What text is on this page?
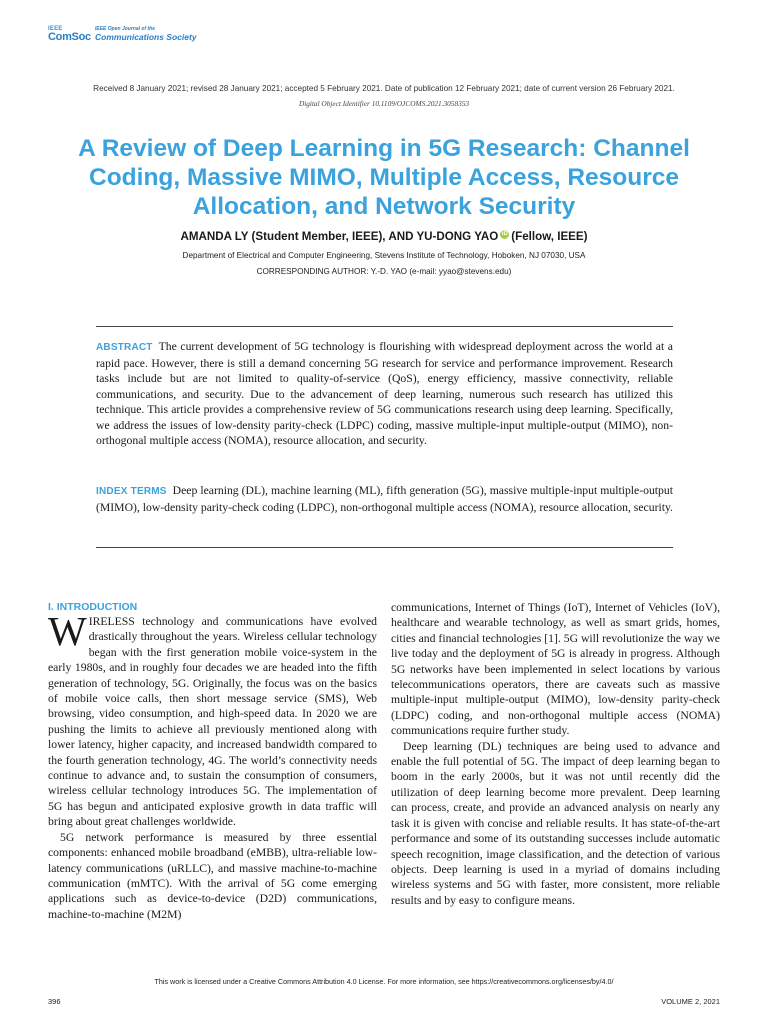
IEEE
ComSoc
IEEE Open Journal of the
Communications Society
Received 8 January 2021; revised 28 January 2021; accepted 5 February 2021. Date of publication 12 February 2021; date of current version 26 February 2021.
Digital Object Identifier 10.1109/OJCOMS.2021.3058353
A Review of Deep Learning in 5G Research: Channel Coding, Massive MIMO, Multiple Access, Resource Allocation, and Network Security
AMANDA LY (Student Member, IEEE), AND YU-DONG YAO iD (Fellow, IEEE)
Department of Electrical and Computer Engineering, Stevens Institute of Technology, Hoboken, NJ 07030, USA
CORRESPONDING AUTHOR: Y.-D. YAO (e-mail: yyao@stevens.edu)
ABSTRACT The current development of 5G technology is flourishing with widespread deployment across the world at a rapid pace. However, there is still a demand concerning 5G research for service and performance improvement. Research tasks include but are not limited to quality-of-service (QoS), energy efficiency, massive connectivity, reliable communications, and security. Due to the advancement of deep learning, numerous such research has utilized this technique. This article provides a comprehensive review of 5G communications research using deep learning. Specifically, we address the issues of low-density parity-check (LDPC) coding, massive multiple-input multiple-output (MIMO), non-orthogonal multiple access (NOMA), resource allocation, and security.
INDEX TERMS Deep learning (DL), machine learning (ML), fifth generation (5G), massive multiple-input multiple-output (MIMO), low-density parity-check coding (LDPC), non-orthogonal multiple access (NOMA), resource allocation, security.
I. INTRODUCTION

WIRELESS technology and communications have evolved drastically throughout the years. Wireless cellular technology began with the first generation mobile voice-system in the early 1980s, and in roughly four decades we are headed into the fifth generation of technology, 5G. Originally, the focus was on the basics of mobile voice calls, then short message service (SMS), Web browsing, video consumption, and high-speed data. In 2020 we are pushing the limits to achieve all previously mentioned along with lower latency, higher capacity, and increased bandwidth compared to the fourth generation technology, 4G. The world’s connectivity needs continue to advance and, to sustain the consumption of consumers, wireless cellular technology introduces 5G. The implementation of 5G has begun and anticipated explosive growth in data traffic will bring about great challenges worldwide.

5G network performance is measured by three essential components: enhanced mobile broadband (eMBB), ultra-reliable low-latency communications (uRLLC), and massive machine-to-machine communication (mMTC). With the arrival of 5G come emerging applications such as device-to-device (D2D) communications, machine-to-machine (M2M)

communications, Internet of Things (IoT), Internet of Vehicles (IoV), healthcare and wearable technology, as well as smart grids, homes, cities and financial technologies [1]. 5G will revolutionize the way we live today and the deployment of 5G is already in progress. Although 5G networks have been implemented in select locations by various telecommunications operators, there are caveats such as massive multiple-input multiple-output (MIMO), low-density parity-check (LDPC) coding, and non-orthogonal multiple access (NOMA) communications require further study.

Deep learning (DL) techniques are being used to advance and enable the full potential of 5G. The impact of deep learning began to boom in the early 2000s, but it was not until recently did the utilization of deep learning become more prevalent. Deep learning can process, create, and provide an advanced analysis on nearly any task it is given with concise and reliable results. It has state-of-the-art performance and some of its outstanding successes include automatic speech recognition, image classification, and the detection of various objects. Deep learning is used in a myriad of domains including wireless systems and 5G with faster, more consistent, more reliable results and by easy to configure means.

This work is licensed under a Creative Commons Attribution 4.0 License. For more information, see https://creativecommons.org/licenses/by/4.0/
396	VOLUME 2, 2021
